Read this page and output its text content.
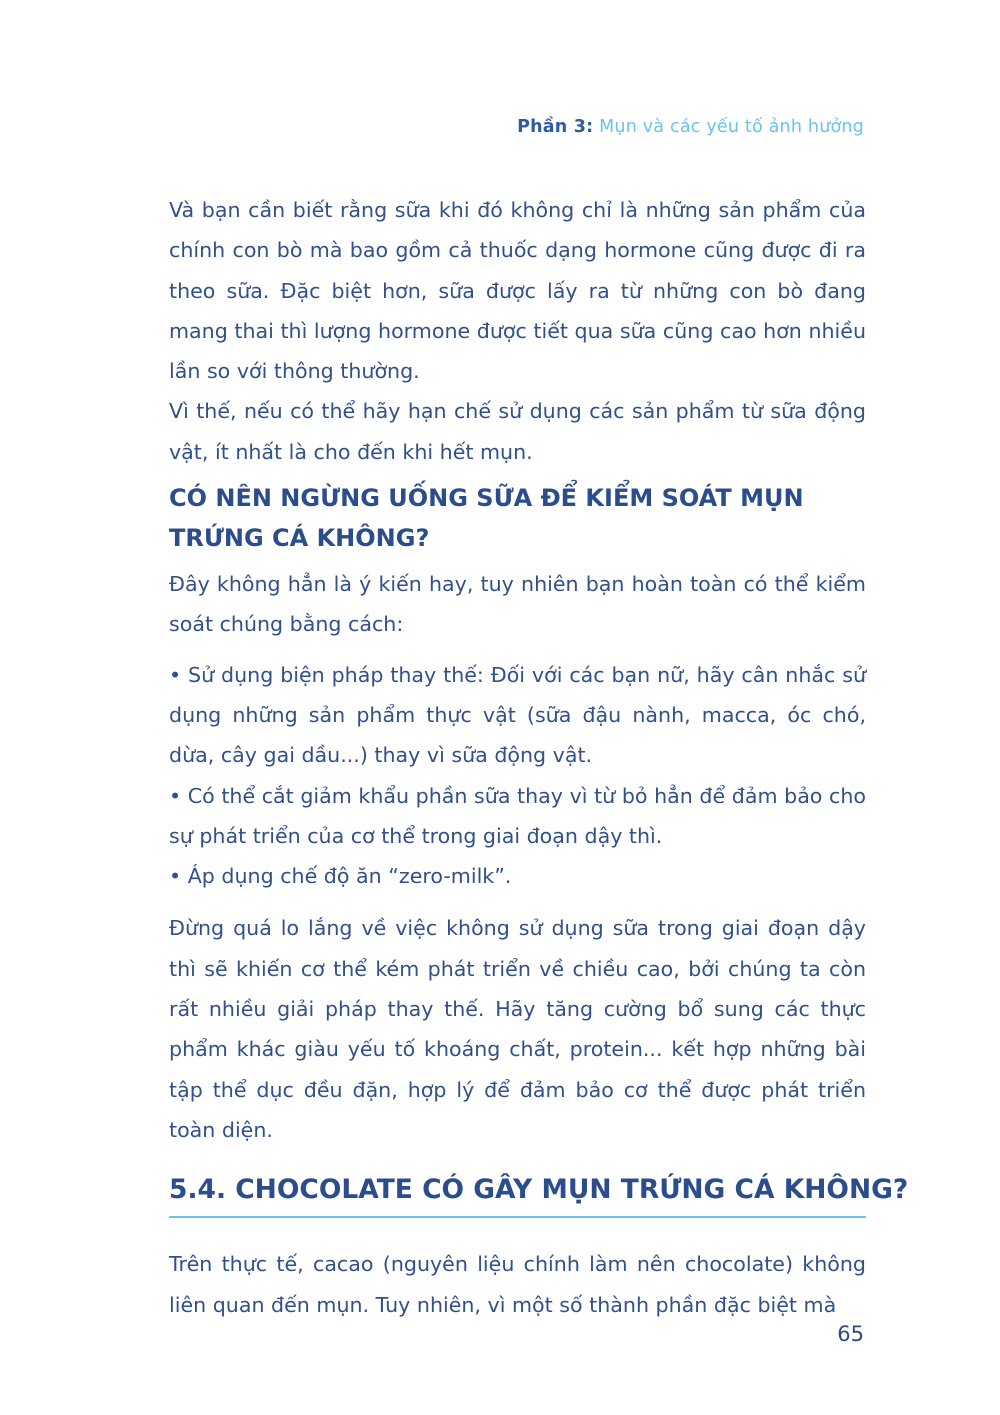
Phần 3: Mụn và các yếu tố ảnh hưởng

Và bạn cần biết rằng sữa khi đó không chỉ là những sản phẩm của chính con bò mà bao gồm cả thuốc dạng hormone cũng được đi ra theo sữa. Đặc biệt hơn, sữa được lấy ra từ những con bò đang mang thai thì lượng hormone được tiết qua sữa cũng cao hơn nhiều lần so với thông thường.

Vì thế, nếu có thể hãy hạn chế sử dụng các sản phẩm từ sữa động vật, ít nhất là cho đến khi hết mụn.

CÓ NÊN NGỪNG UỐNG SỮA ĐỂ KIỂM SOÁT MỤN TRỨNG CÁ KHÔNG?

Đây không hẳn là ý kiến hay, tuy nhiên bạn hoàn toàn có thể kiểm soát chúng bằng cách:

• Sử dụng biện pháp thay thế: Đối với các bạn nữ, hãy cân nhắc sử dụng những sản phẩm thực vật (sữa đậu nành, macca, óc chó, dừa, cây gai dầu...) thay vì sữa động vật.

• Có thể cắt giảm khẩu phần sữa thay vì từ bỏ hẳn để đảm bảo cho sự phát triển của cơ thể trong giai đoạn dậy thì.

• Áp dụng chế độ ăn “zero-milk”.

Đừng quá lo lắng về việc không sử dụng sữa trong giai đoạn dậy thì sẽ khiến cơ thể kém phát triển về chiều cao, bởi chúng ta còn rất nhiều giải pháp thay thế. Hãy tăng cường bổ sung các thực phẩm khác giàu yếu tố khoáng chất, protein... kết hợp những bài tập thể dục đều đặn, hợp lý để đảm bảo cơ thể được phát triển toàn diện.

5.4. CHOCOLATE CÓ GÂY MỤN TRỨNG CÁ KHÔNG?

Trên thực tế, cacao (nguyên liệu chính làm nên chocolate) không liên quan đến mụn. Tuy nhiên, vì một số thành phần đặc biệt mà

65
